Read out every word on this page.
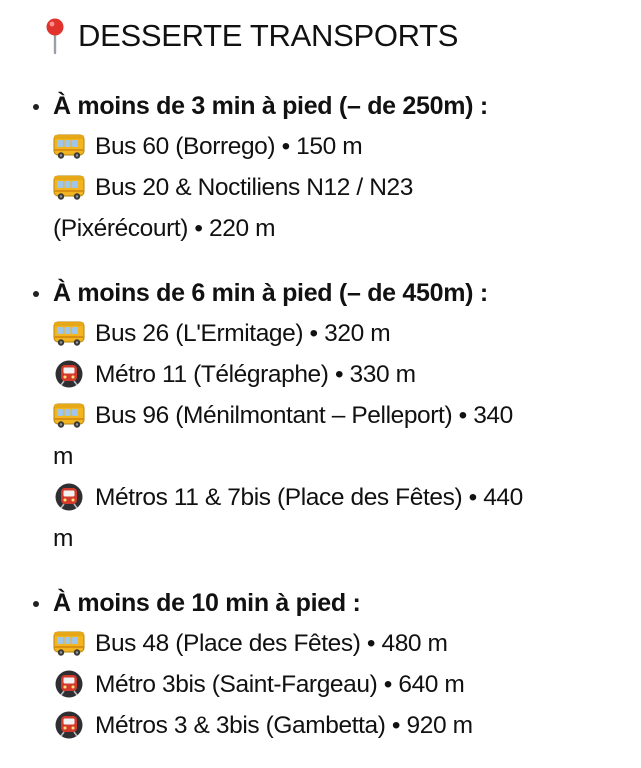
DESSERTE TRANSPORTS
À moins de 3 min à pied (– de 250m) :
Bus 60 (Borrego) • 150 m
Bus 20 & Noctiliens N12 / N23
(Pixérécourt) • 220 m
À moins de 6 min à pied (– de 450m) :
Bus 26 (L'Ermitage) • 320 m
Métro 11 (Télégraphe) • 330 m
Bus 96 (Ménilmontant – Pelleport) • 340
m
Métros 11 & 7bis (Place des Fêtes) • 440
m
À moins de 10 min à pied :
Bus 48 (Place des Fêtes) • 480 m
Métro 3bis (Saint-Fargeau) • 640 m
Métros 3 & 3bis (Gambetta) • 920 m
